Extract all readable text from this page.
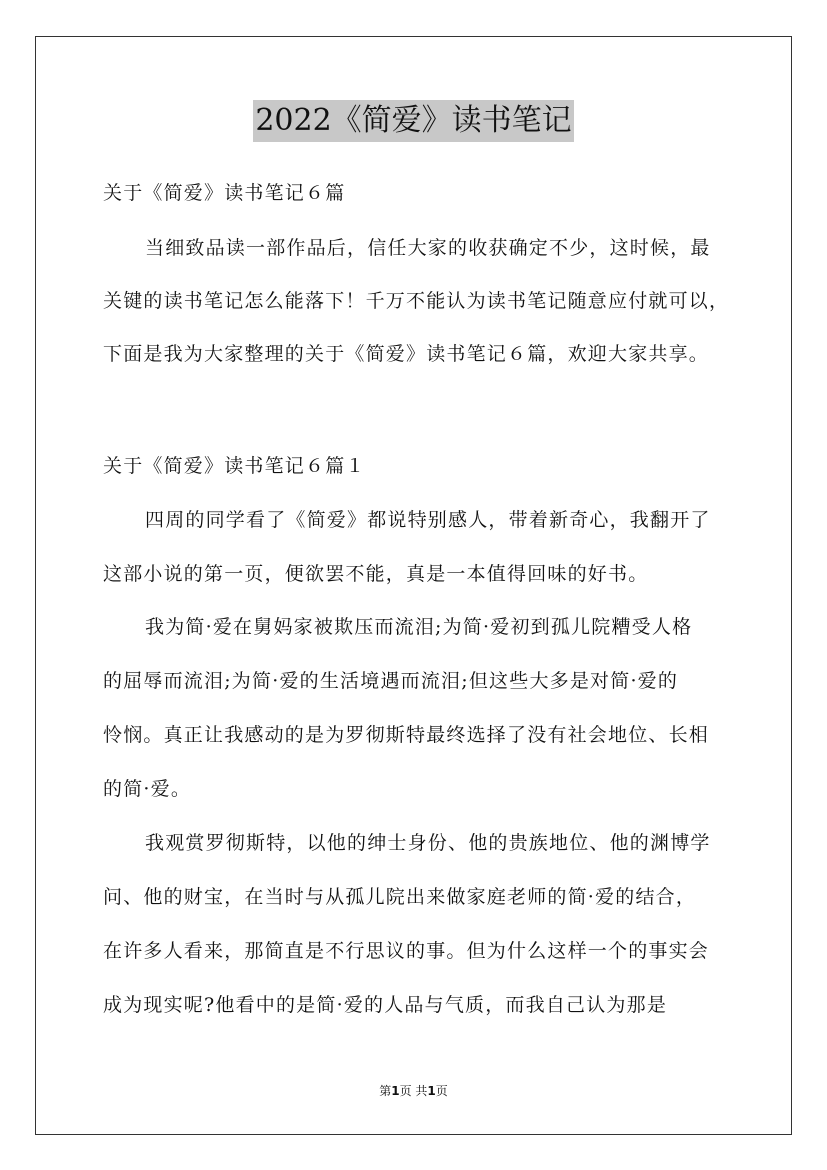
2022《简爱》读书笔记
关于《简爱》读书笔记６篇
当细致品读一部作品后，信任大家的收获确定不少，这时候，最
关键的读书笔记怎么能落下！千万不能认为读书笔记随意应付就可以，
下面是我为大家整理的关于《简爱》读书笔记６篇，欢迎大家共享。
关于《简爱》读书笔记６篇１
四周的同学看了《简爱》都说特别感人，带着新奇心，我翻开了
这部小说的第一页，便欲罢不能，真是一本值得回味的好书。
我为简·爱在舅妈家被欺压而流泪;为简·爱初到孤儿院糟受人格
的屈辱而流泪;为简·爱的生活境遇而流泪;但这些大多是对简·爱的
怜悯。真正让我感动的是为罗彻斯特最终选择了没有社会地位、长相
的简·爱。
我观赏罗彻斯特，以他的绅士身份、他的贵族地位、他的渊博学
问、他的财宝，在当时与从孤儿院出来做家庭老师的简·爱的结合，
在许多人看来，那简直是不行思议的事。但为什么这样一个的事实会
成为现实呢?他看中的是简·爱的人品与气质，而我自己认为那是
第1页 共1页
